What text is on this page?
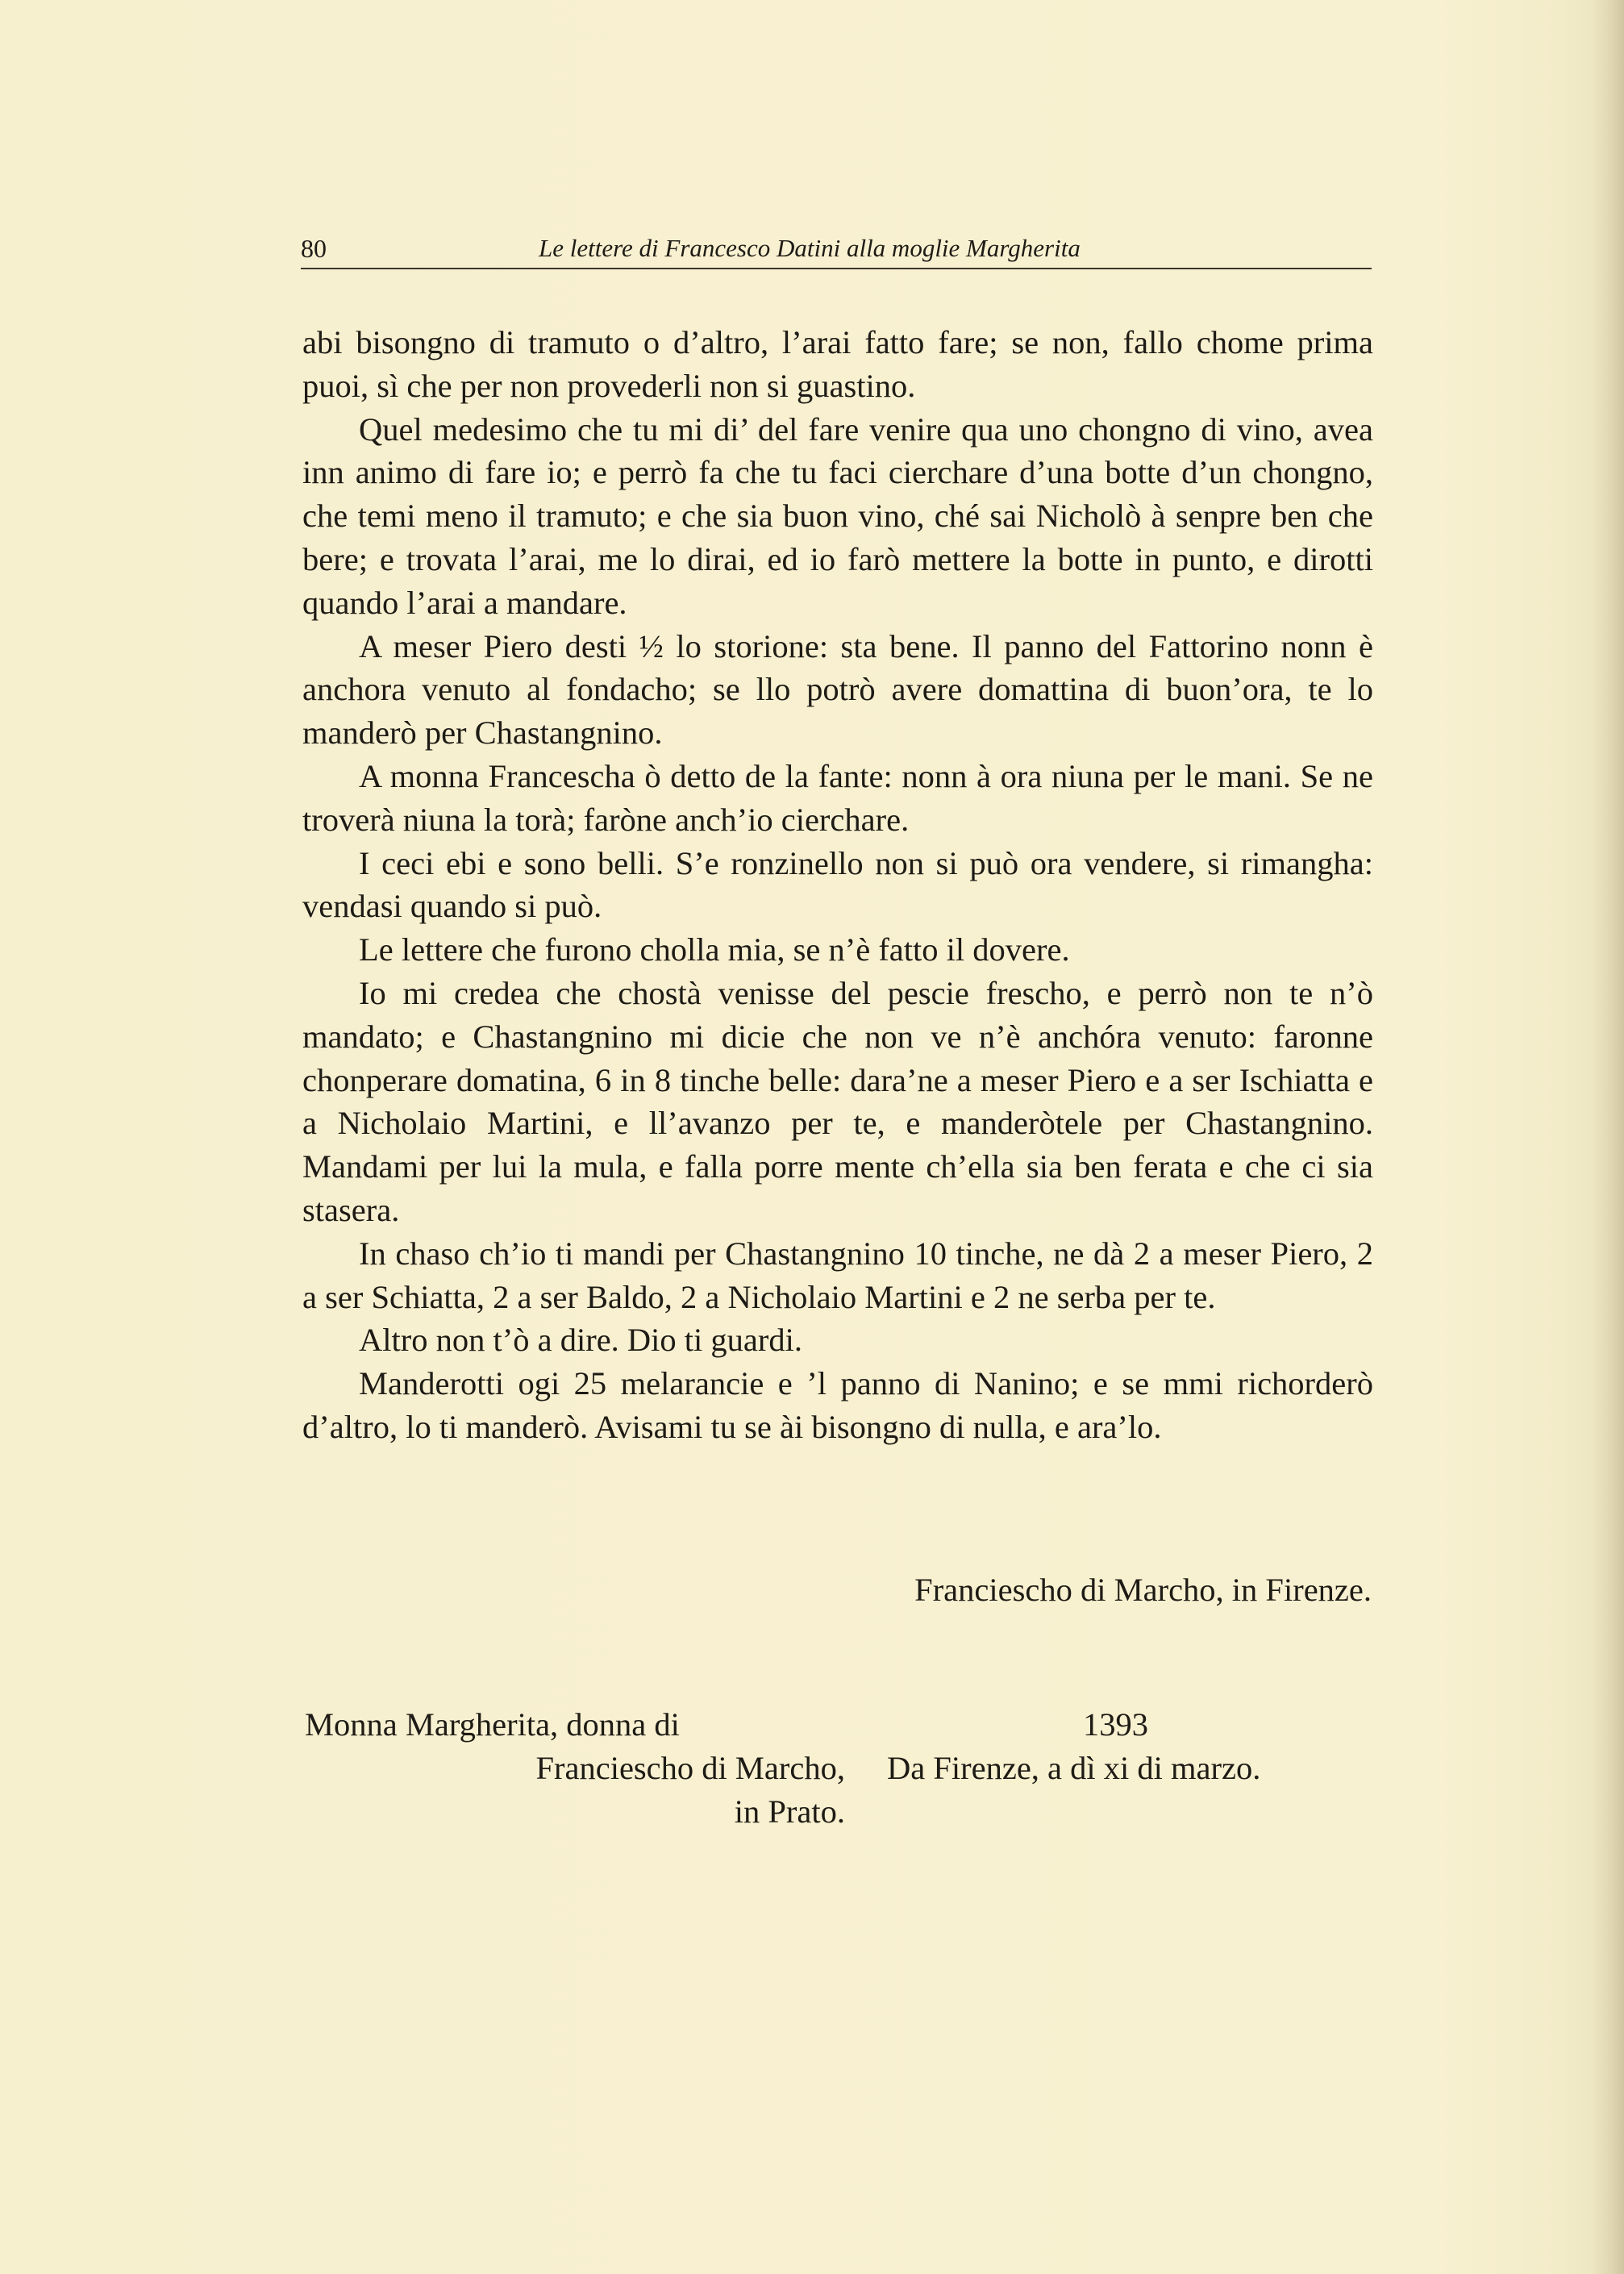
80	Le lettere di Francesco Datini alla moglie Margherita

abi bisongno di tramuto o d’altro, l’arai fatto fare; se non, fallo chome prima puoi, sì che per non provederli non si guastino.

Quel medesimo che tu mi di’ del fare venire qua uno chongno di vino, avea inn animo di fare io; e perrò fa che tu faci cierchare d’una botte d’un chongno, che temi meno il tramuto; e che sia buon vino, ché sai Nicholò à senpre ben che bere; e trovata l’arai, me lo dirai, ed io farò mettere la botte in punto, e dirotti quando l’arai a mandare.

A meser Piero desti ½ lo storione: sta bene. Il panno del Fattorino nonn è anchora venuto al fondacho; se llo potrò avere domattina di buon’ora, te lo manderò per Chastangnino.

A monna Franceschа ò detto de la fante: nonn à ora niuna per le mani. Se ne troverà niuna la torà; faròne anch’io cierchare.

I ceci ebi e sono belli. S’e ronzinello non si può ora vendere, si rimangha: vendasi quando si può.

Le lettere che furono cholla mia, se n’è fatto il dovere.

Io mi credea che chostà venisse del pescie frescho, e perrò non te n’ò mandato; e Chastangnino mi dicie che non ve n’è anchóra venuto: faronne chonperare domatina, 6 in 8 tinche belle: dara’ne a meser Piero e a ser Ischiatta e a Nicholaio Martini, e ll’avanzo per te, e manderòtele per Chastangnino. Mandami per lui la mula, e falla porre mente ch’ella sia ben ferata e che ci sia stasera.

In chaso ch’io ti mandi per Chastangnino 10 tinche, ne dà 2 a meser Piero, 2 a ser Schiatta, 2 a ser Baldo, 2 a Nicholaio Martini e 2 ne serba per te.

Altro non t’ò a dire. Dio ti guardi.

Manderotti ogi 25 melarancie e ’l panno di Nanino; e se mmi richorderò d’altro, lo ti manderò. Avisami tu se ài bisongno di nulla, e ara’lo.

Franciescho di Marcho, in Firenze.
Monna Margherita, donna di
Franciescho di Marcho,
in Prato.
1393
Da Firenze, a dì xi di marzo.
